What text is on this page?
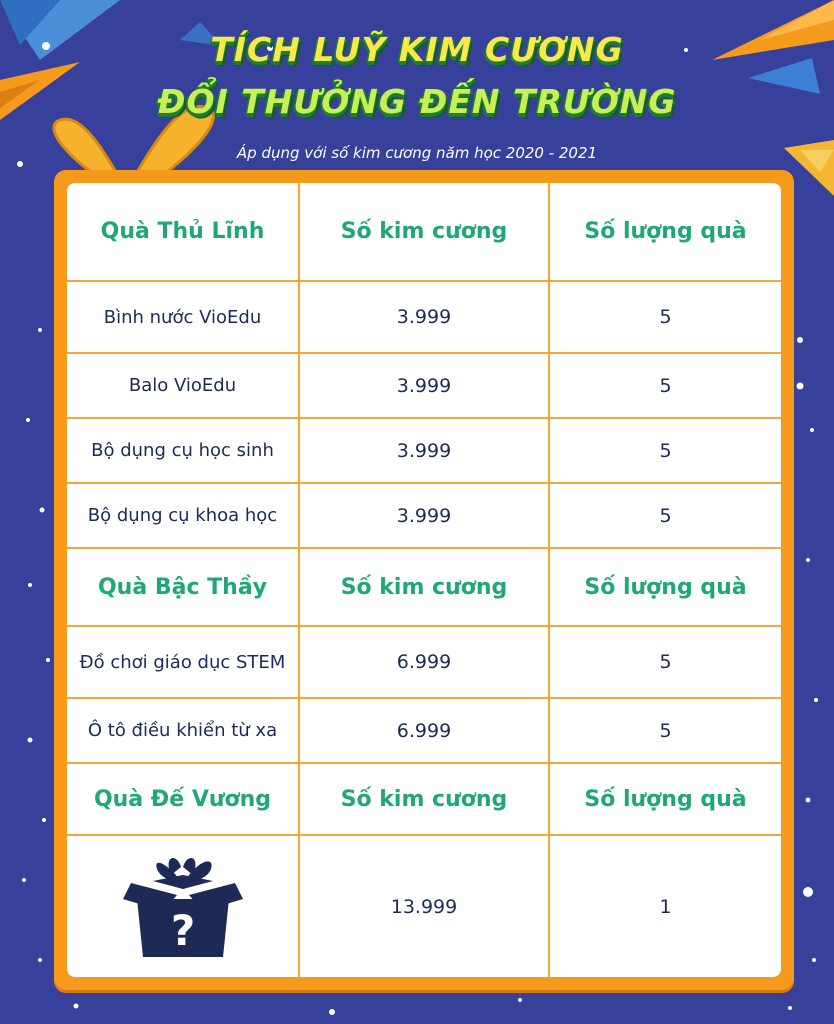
TÍCH LUỸ KIM CƯƠNG
ĐỔI THƯỞNG ĐẾN TRƯỜNG
Áp dụng với số kim cương năm học 2020 - 2021
Quà Thủ Lĩnh	Số kim cương	Số lượng quà
Bình nước VioEdu	3.999	5
Balo VioEdu	3.999	5
Bộ dụng cụ học sinh	3.999	5
Bộ dụng cụ khoa học	3.999	5
Quà Bậc Thầy	Số kim cương	Số lượng quà
Đồ chơi giáo dục STEM	6.999	5
Ô tô điều khiển từ xa	6.999	5
Quà Đế Vương	Số kim cương	Số lượng quà

?	13.999	1
